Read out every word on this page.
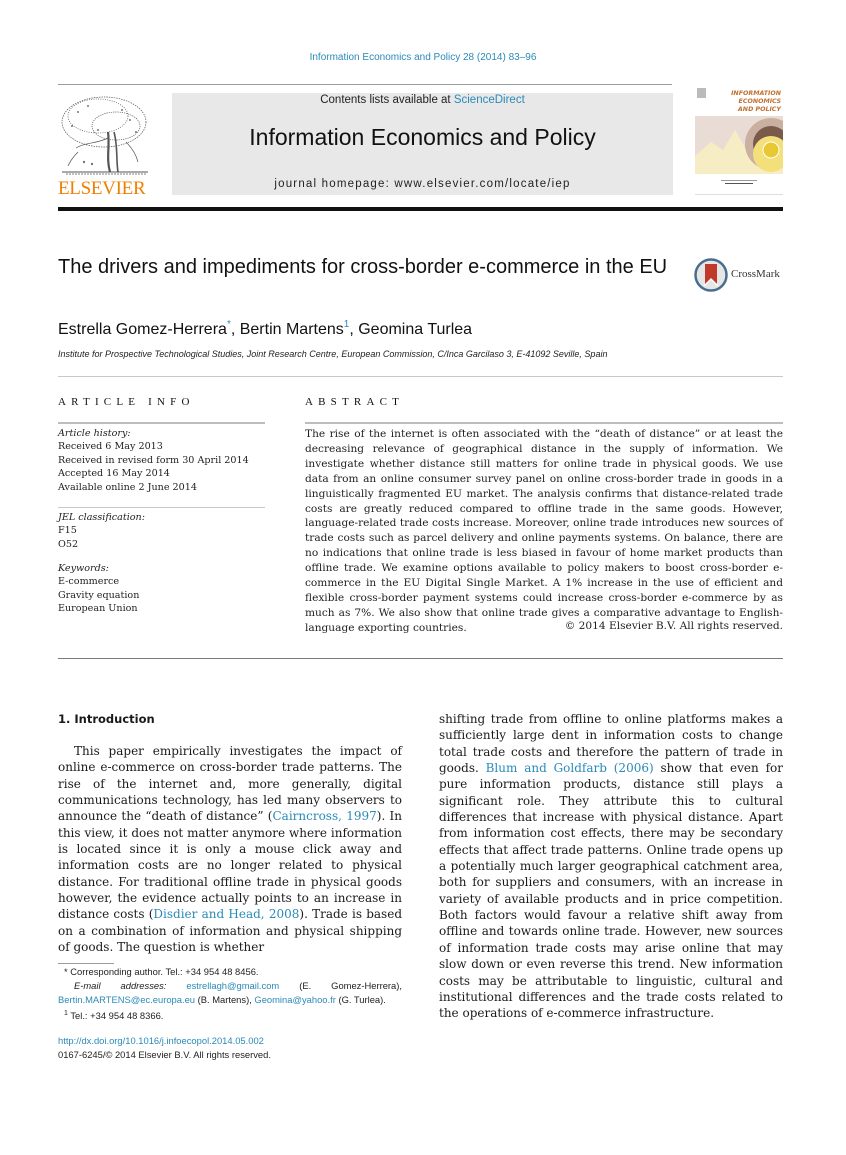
Information Economics and Policy 28 (2014) 83–96
ELSEVIER
Contents lists available at ScienceDirect
Information Economics and Policy
journal homepage: www.elsevier.com/locate/iep
INFORMATION
ECONOMICS
AND POLICY
The drivers and impediments for cross-border e-commerce in the EU	CrossMark
Estrella Gomez-Herrera*, Bertin Martens$^1$, Geomina Turlea
Institute for Prospective Technological Studies, Joint Research Centre, European Commission, C/Inca Garcilaso 3, E-41092 Seville, Spain
ARTICLE INFO	ABSTRACT
Article history:
Received 6 May 2013
Received in revised form 30 April 2014
Accepted 16 May 2014
Available online 2 June 2014
JEL classification:
F15
O52
Keywords:
E-commerce
Gravity equation
European Union
The rise of the internet is often associated with the “death of distance” or at least the decreasing relevance of geographical distance in the supply of information. We investigate whether distance still matters for online trade in physical goods. We use data from an online consumer survey panel on online cross-border trade in goods in a linguistically fragmented EU market. The analysis confirms that distance-related trade costs are greatly reduced compared to offline trade in the same goods. However, language-related trade costs increase. Moreover, online trade introduces new sources of trade costs such as parcel delivery and online payments systems. On balance, there are no indications that online trade is less biased in favour of home market products than offline trade. We examine options available to policy makers to boost cross-border e-commerce in the EU Digital Single Market. A 1% increase in the use of efficient and flexible cross-border payment systems could increase cross-border e-commerce by as much as 7%. We also show that online trade gives a comparative advantage to English-language exporting countries.	© 2014 Elsevier B.V. All rights reserved.
1. Introduction
This paper empirically investigates the impact of online e-commerce on cross-border trade patterns. The rise of the internet and, more generally, digital communications technology, has led many observers to announce the “death of distance” (Cairncross, 1997). In this view, it does not matter anymore where information is located since it is only a mouse click away and information costs are no longer related to physical distance. For traditional offline trade in physical goods however, the evidence actually points to an increase in distance costs (Disdier and Head, 2008). Trade is based on a combination of information and physical shipping of goods. The question is whether
shifting trade from offline to online platforms makes a sufficiently large dent in information costs to change total trade costs and therefore the pattern of trade in goods. Blum and Goldfarb (2006) show that even for pure information products, distance still plays a significant role. They attribute this to cultural differences that increase with physical distance. Apart from information cost effects, there may be secondary effects that affect trade patterns. Online trade opens up a potentially much larger geographical catchment area, both for suppliers and consumers, with an increase in variety of available products and in price competition. Both factors would favour a relative shift away from offline and towards online trade. However, new sources of information trade costs may arise online that may slow down or even reverse this trend. New information costs may be attributable to linguistic, cultural and institutional differences and the trade costs related to the operations of e-commerce infrastructure.
* Corresponding author. Tel.: +34 954 48 8456.
E-mail addresses: estrellagh@gmail.com (E. Gomez-Herrera), Bertin.MARTENS@ec.europa.eu (B. Martens), Geomina@yahoo.fr (G. Turlea).
$^1$ Tel.: +34 954 48 8366.
http://dx.doi.org/10.1016/j.infoecopol.2014.05.002
0167-6245/© 2014 Elsevier B.V. All rights reserved.
